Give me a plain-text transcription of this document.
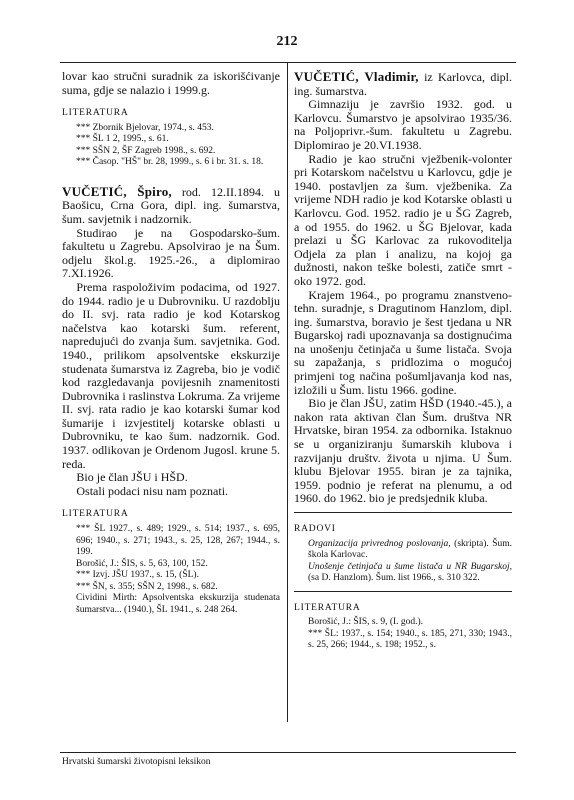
212

lovar kao stručni suradnik za iskorišćivanje suma, gdje se nalazio i 1999.g.

LITERATURA

*** Zbornik Bjelovar, 1974., s. 453.

*** ŠL 1 2, 1995., s. 61.

*** SŠN 2, ŠF Zagreb 1998., s. 692.

*** Časop. "HŠ" br. 28, 1999., s. 6 i br. 31. s. 18.

VUČETIĆ, Špiro, rod. 12.II.1894. u Baošicu, Crna Gora, dipl. ing. šumarstva, šum. savjetnik i nadzornik.

Studirao je na Gospodarsko-šum. fakultetu u Zagrebu. Apsolvirao je na Šum. odjelu škol.g. 1925.-26., a diplomirao 7.XI.1926.

Prema raspoloživim podacima, od 1927. do 1944. radio je u Dubrovniku. U razdoblju do II. svj. rata radio je kod Kotarskog načelstva kao kotarski šum. referent, napredujući do zvanja šum. savjetnika. God. 1940., prilikom apsolventske ekskurzije studenata šumarstva iz Zagreba, bio je vodič kod razgledavanja povijesnih znamenitosti Dubrovnika i raslinstva Lokruma. Za vrijeme II. svj. rata radio je kao kotarski šumar kod šumarije i izvjestitelj kotarske oblasti u Dubrovniku, te kao šum. nadzornik. God. 1937. odlikovan je Ordenom Jugosl. krune 5. reda.

Bio je član JŠU i HŠD.

Ostali podaci nisu nam poznati.

LITERATURA

*** ŠL 1927., s. 489; 1929., s. 514; 1937., s. 695, 696; 1940., s. 271; 1943., s. 25, 128, 267; 1944., s. 199.

Borošić, J.: ŠIS, s. 5, 63, 100, 152.

*** Izvj. JŠU 1937., s. 15, (ŠL).

*** ŠN, s. 355; SŠN 2, 1998., s. 682.

Cividini Mirth: Apsolventska ekskurzija studenata šumarstva... (1940.), ŠL 1941., s. 248 264.

VUČETIĆ, Vladimir, iz Karlovca, dipl. ing. šumarstva.

Gimnaziju je završio 1932. god. u Karlovcu. Šumarstvo je apsolvirao 1935/36. na Poljoprivr.-šum. fakultetu u Zagrebu. Diplomirao je 20.VI.1938.

Radio je kao stručni vježbenik-volonter pri Kotarskom načelstvu u Karlovcu, gdje je 1940. postavljen za šum. vježbenika. Za vrijeme NDH radio je kod Kotarske oblasti u Karlovcu. God. 1952. radio je u ŠG Zagreb, a od 1955. do 1962. u ŠG Bjelovar, kada prelazi u ŠG Karlovac za rukovoditelja Odjela za plan i analizu, na kojoj ga dužnosti, nakon teške bolesti, zatiče smrt - oko 1972. god.

Krajem 1964., po programu znanstveno-tehn. suradnje, s Dragutinom Hanzlom, dipl. ing. šumarstva, boravio je šest tjedana u NR Bugarskoj radi upoznavanja sa dostignućima na unošenju četinjača u šume listača. Svoja su zapažanja, s pridlozima o mogućoj primjeni tog načina pošumljavanja kod nas, izložili u Šum. listu 1966. godine.

Bio je član JŠU, zatim HŠD (1940.-45.), a nakon rata aktivan član Šum. društva NR Hrvatske, biran 1954. za odbornika. Istaknuo se u organiziranju šumarskih klubova i razvijanju društv. života u njima. U Šum. klubu Bjelovar 1955. biran je za tajnika, 1959. podnio je referat na plenumu, a od 1960. do 1962. bio je predsjednik kluba.

RADOVI

Organizacija privrednog poslovanja, (skripta). Šum. škola Karlovac.

Unošenje četinjača u šume listača u NR Bugarskoj, (sa D. Hanzlom). Šum. list 1966., s. 310 322.

LITERATURA

Borošić, J.: ŠIS, s. 9, (I. god.).

*** ŠL: 1937., s. 154; 1940., s. 185, 271, 330; 1943., s. 25, 266; 1944., s. 198; 1952., s.

Hrvatski šumarski životopisni leksikon
